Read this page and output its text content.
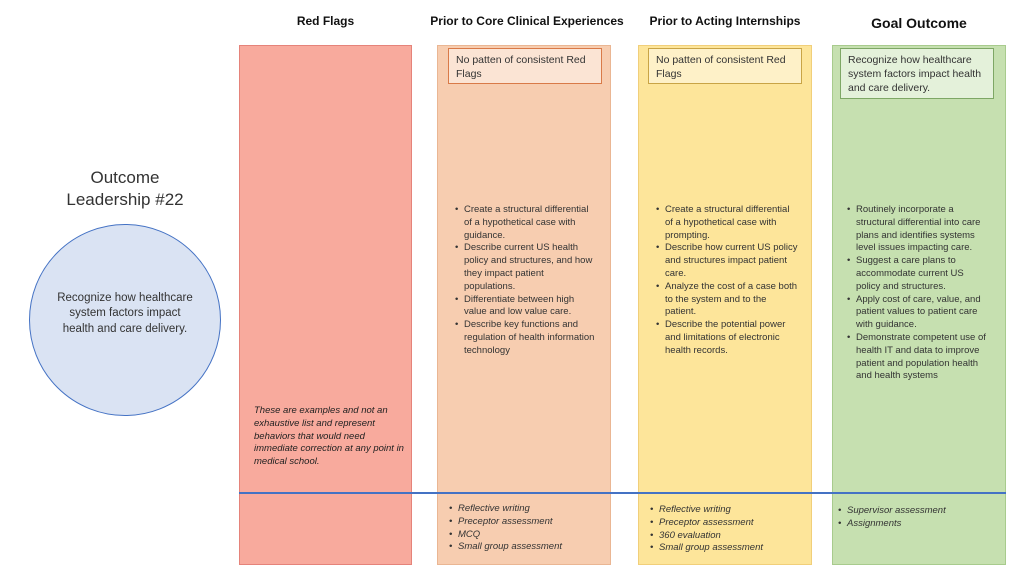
Red Flags	Prior to Core Clinical Experiences	Prior to Acting Internships	Goal Outcome
Outcome
Leadership #22
Recognize how healthcare system factors impact health and care delivery.
No patten of consistent Red Flags
No patten of consistent Red Flags
Recognize how healthcare system factors impact health and care delivery.
• Create a structural differential of a hypothetical case with guidance.
• Describe current US health policy and structures, and how they impact patient populations.
• Differentiate between high value and low value care.
• Describe key functions and regulation of health information technology
• Create a structural differential of a hypothetical case with prompting.
• Describe how current US policy and structures impact patient care.
• Analyze the cost of a case both to the system and to the patient.
• Describe the potential power and limitations of electronic health records.
• Routinely incorporate a structural differential into care plans and identifies systems level issues impacting care.
• Suggest a care plans to accommodate current US policy and structures.
• Apply cost of care, value, and patient values to patient care with guidance.
• Demonstrate competent use of health IT and data to improve patient and population health and health systems
These are examples and not an exhaustive list and represent behaviors that would need immediate correction at any point in medical school.
• Reflective writing
• Preceptor assessment
• MCQ
• Small group assessment
• Reflective writing
• Preceptor assessment
• 360 evaluation
• Small group assessment
• Supervisor assessment
• Assignments
